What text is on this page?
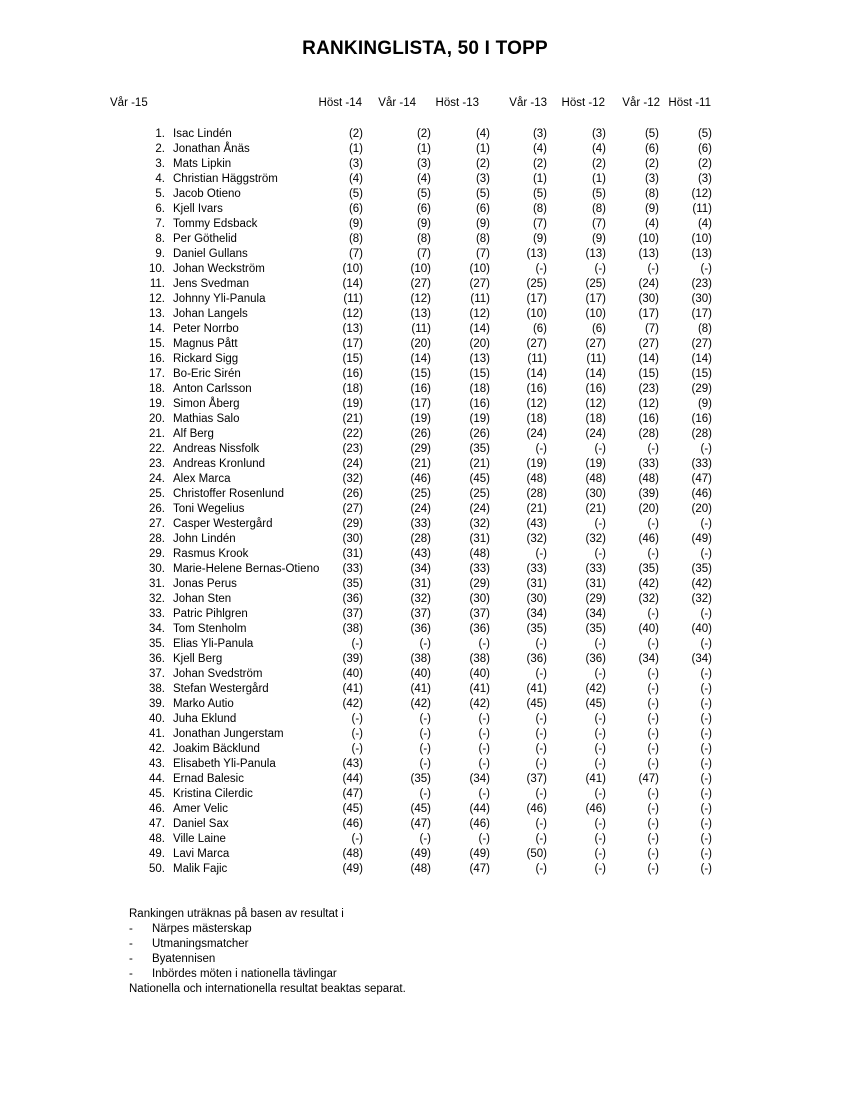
RANKINGLISTA, 50 I TOPP
Vår -15	Höst -14	Vår -14	Höst -13	Vår -13	Höst -12	Vår -12 Höst -11
1. Isac Lindén	(2)	(2)	(4)	(3)	(3)	(5)	(5)
2. Jonathan Ånäs	(1)	(1)	(1)	(4)	(4)	(6)	(6)
3. Mats Lipkin	(3)	(3)	(2)	(2)	(2)	(2)	(2)
4. Christian Häggström	(4)	(4)	(3)	(1)	(1)	(3)	(3)
5. Jacob Otieno	(5)	(5)	(5)	(5)	(5)	(8)	(12)
6. Kjell Ivars	(6)	(6)	(6)	(8)	(8)	(9)	(11)
7. Tommy Edsback	(9)	(9)	(9)	(7)	(7)	(4)	(4)
8. Per Göthelid	(8)	(8)	(8)	(9)	(9)	(10)	(10)
9. Daniel Gullans	(7)	(7)	(7)	(13)	(13)	(13)	(13)
10. Johan Weckström	(10)	(10)	(10)	(-)	(-)	(-)	(-)
11. Jens Svedman	(14)	(27)	(27)	(25)	(25)	(24)	(23)
12. Johnny Yli-Panula	(11)	(12)	(11)	(17)	(17)	(30)	(30)
13. Johan Langels	(12)	(13)	(12)	(10)	(10)	(17)	(17)
14. Peter Norrbo	(13)	(11)	(14)	(6)	(6)	(7)	(8)
15. Magnus Pått	(17)	(20)	(20)	(27)	(27)	(27)	(27)
16. Rickard Sigg	(15)	(14)	(13)	(11)	(11)	(14)	(14)
17. Bo-Eric Sirén	(16)	(15)	(15)	(14)	(14)	(15)	(15)
18. Anton Carlsson	(18)	(16)	(18)	(16)	(16)	(23)	(29)
19. Simon Åberg	(19)	(17)	(16)	(12)	(12)	(12)	(9)
20. Mathias Salo	(21)	(19)	(19)	(18)	(18)	(16)	(16)
21. Alf Berg	(22)	(26)	(26)	(24)	(24)	(28)	(28)
22. Andreas Nissfolk	(23)	(29)	(35)	(-)	(-)	(-)	(-)
23. Andreas Kronlund	(24)	(21)	(21)	(19)	(19)	(33)	(33)
24. Alex Marca	(32)	(46)	(45)	(48)	(48)	(48)	(47)
25. Christoffer Rosenlund	(26)	(25)	(25)	(28)	(30)	(39)	(46)
26. Toni Wegelius	(27)	(24)	(24)	(21)	(21)	(20)	(20)
27. Casper Westergård	(29)	(33)	(32)	(43)	(-)	(-)	(-)
28. John Lindén	(30)	(28)	(31)	(32)	(32)	(46)	(49)
29. Rasmus Krook	(31)	(43)	(48)	(-)	(-)	(-)	(-)
30. Marie-Helene Bernas-Otieno	(33)	(34)	(33)	(33)	(33)	(35)	(35)
31. Jonas Perus	(35)	(31)	(29)	(31)	(31)	(42)	(42)
32. Johan Sten	(36)	(32)	(30)	(30)	(29)	(32)	(32)
33. Patric Pihlgren	(37)	(37)	(37)	(34)	(34)	(-)	(-)
34. Tom Stenholm	(38)	(36)	(36)	(35)	(35)	(40)	(40)
35. Elias Yli-Panula	(-)	(-)	(-)	(-)	(-)	(-)	(-)
36. Kjell Berg	(39)	(38)	(38)	(36)	(36)	(34)	(34)
37. Johan Svedström	(40)	(40)	(40)	(-)	(-)	(-)	(-)
38. Stefan Westergård	(41)	(41)	(41)	(41)	(42)	(-)	(-)
39. Marko Autio	(42)	(42)	(42)	(45)	(45)	(-)	(-)
40. Juha Eklund	(-)	(-)	(-)	(-)	(-)	(-)	(-)
41. Jonathan Jungerstam	(-)	(-)	(-)	(-)	(-)	(-)	(-)
42. Joakim Bäcklund	(-)	(-)	(-)	(-)	(-)	(-)	(-)
43. Elisabeth Yli-Panula	(43)	(-)	(-)	(-)	(-)	(-)	(-)
44. Ernad Balesic	(44)	(35)	(34)	(37)	(41)	(47)	(-)
45. Kristina Cilerdic	(47)	(-)	(-)	(-)	(-)	(-)	(-)
46. Amer Velic	(45)	(45)	(44)	(46)	(46)	(-)	(-)
47. Daniel Sax	(46)	(47)	(46)	(-)	(-)	(-)	(-)
48. Ville Laine	(-)	(-)	(-)	(-)	(-)	(-)	(-)
49. Lavi Marca	(48)	(49)	(49)	(50)	(-)	(-)	(-)
50. Malik Fajic	(49)	(48)	(47)	(-)	(-)	(-)	(-)
Rankingen uträknas på basen av resultat i
- Närpes mästerskap
- Utmaningsmatcher
- Byatennisen
- Inbördes möten i nationella tävlingar
Nationella och internationella resultat beaktas separat.
